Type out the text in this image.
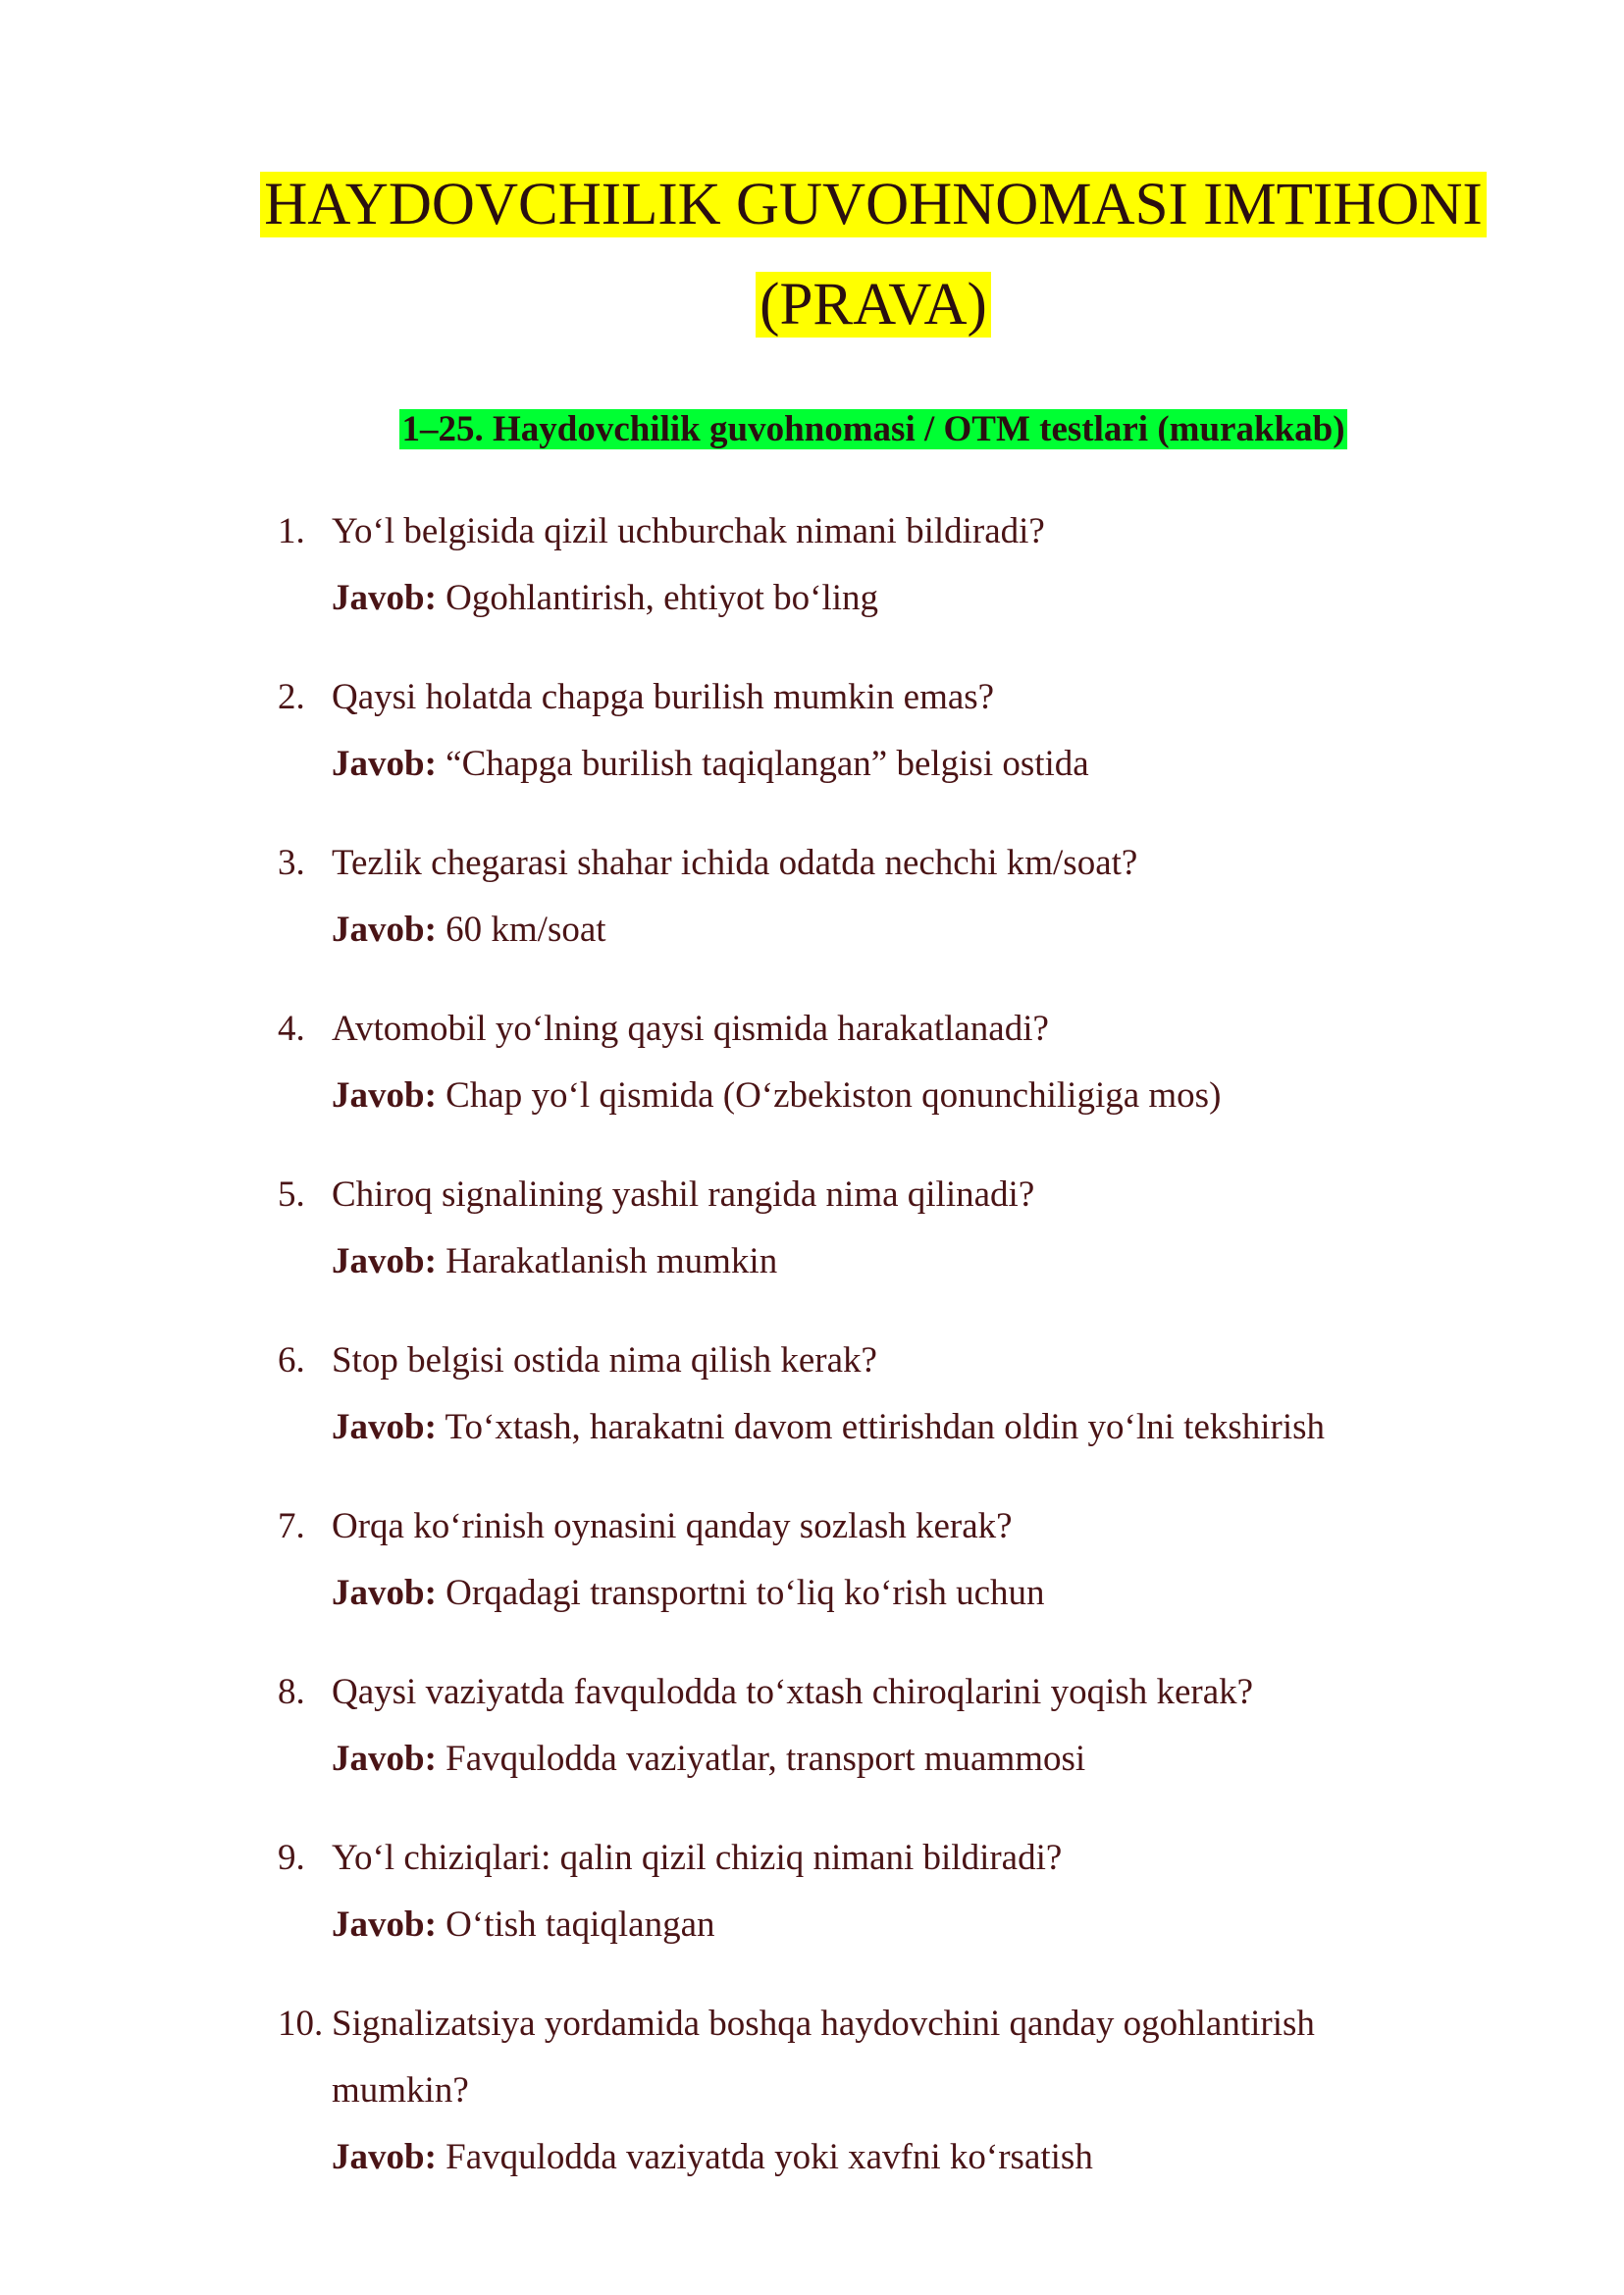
HAYDOVCHILIK GUVOHNOMASI IMTIHONI
(PRAVA)
1–25. Haydovchilik guvohnomasi / OTM testlari (murakkab)
1. Yo‘l belgisida qizil uchburchak nimani bildiradi?
Javob: Ogohlantirish, ehtiyot bo‘ling
2. Qaysi holatda chapga burilish mumkin emas?
Javob: “Chapga burilish taqiqlangan” belgisi ostida
3. Tezlik chegarasi shahar ichida odatda nechchi km/soat?
Javob: 60 km/soat
4. Avtomobil yo‘lning qaysi qismida harakatlanadi?
Javob: Chap yo‘l qismida (O‘zbekiston qonunchiligiga mos)
5. Chiroq signalining yashil rangida nima qilinadi?
Javob: Harakatlanish mumkin
6. Stop belgisi ostida nima qilish kerak?
Javob: To‘xtash, harakatni davom ettirishdan oldin yo‘lni tekshirish
7. Orqa ko‘rinish oynasini qanday sozlash kerak?
Javob: Orqadagi transportni to‘liq ko‘rish uchun
8. Qaysi vaziyatda favqulodda to‘xtash chiroqlarini yoqish kerak?
Javob: Favqulodda vaziyatlar, transport muammosi
9. Yo‘l chiziqlari: qalin qizil chiziq nimani bildiradi?
Javob: O‘tish taqiqlangan
10. Signalizatsiya yordamida boshqa haydovchini qanday ogohlantirish mumkin?
Javob: Favqulodda vaziyatda yoki xavfni ko‘rsatish
